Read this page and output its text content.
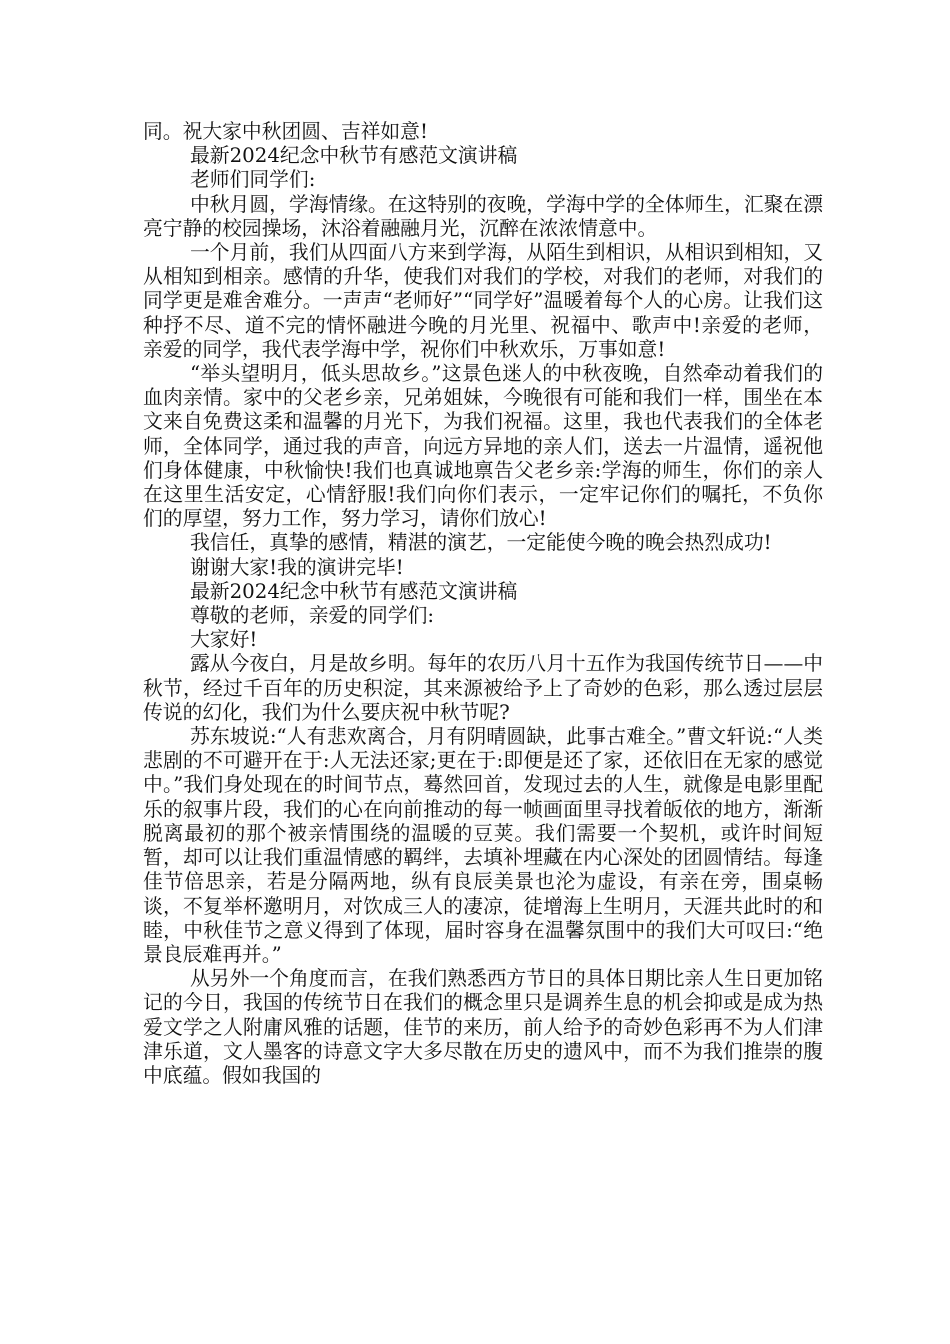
同。祝大家中秋团圆、吉祥如意!

最新2024纪念中秋节有感范文演讲稿

老师们同学们:

中秋月圆，学海情缘。在这特别的夜晚，学海中学的全体师生，汇聚在漂亮宁静的校园操场，沐浴着融融月光，沉醉在浓浓情意中。

一个月前，我们从四面八方来到学海，从陌生到相识，从相识到相知，又从相知到相亲。感情的升华，使我们对我们的学校，对我们的老师，对我们的同学更是难舍难分。一声声“老师好”“同学好”温暖着每个人的心房。让我们这种抒不尽、道不完的情怀融进今晚的月光里、祝福中、歌声中!亲爱的老师，亲爱的同学，我代表学海中学，祝你们中秋欢乐，万事如意!

“举头望明月，低头思故乡。”这景色迷人的中秋夜晚，自然牵动着我们的血肉亲情。家中的父老乡亲，兄弟姐妹，今晚很有可能和我们一样，围坐在本文来自免费这柔和温馨的月光下，为我们祝福。这里，我也代表我们的全体老师，全体同学，通过我的声音，向远方异地的亲人们，送去一片温情，遥祝他们身体健康，中秋愉快!我们也真诚地禀告父老乡亲:学海的师生，你们的亲人在这里生活安定，心情舒服!我们向你们表示，一定牢记你们的嘱托，不负你们的厚望，努力工作，努力学习，请你们放心!

我信任，真挚的感情，精湛的演艺，一定能使今晚的晚会热烈成功!

谢谢大家!我的演讲完毕!

最新2024纪念中秋节有感范文演讲稿

尊敬的老师，亲爱的同学们:

大家好!

露从今夜白，月是故乡明。每年的农历八月十五作为我国传统节日——中秋节，经过千百年的历史积淀，其来源被给予上了奇妙的色彩，那么透过层层传说的幻化，我们为什么要庆祝中秋节呢?

苏东坡说:“人有悲欢离合，月有阴晴圆缺，此事古难全。”曹文轩说:“人类悲剧的不可避开在于:人无法还家;更在于:即便是还了家，还依旧在无家的感觉中。”我们身处现在的时间节点，蓦然回首，发现过去的人生，就像是电影里配乐的叙事片段，我们的心在向前推动的每一帧画面里寻找着皈依的地方，渐渐脱离最初的那个被亲情围绕的温暖的豆荚。我们需要一个契机，或许时间短暂，却可以让我们重温情感的羁绊，去填补埋藏在内心深处的团圆情结。每逢佳节倍思亲，若是分隔两地，纵有良辰美景也沦为虚设，有亲在旁，围桌畅谈，不复举杯邀明月，对饮成三人的凄凉，徒增海上生明月，天涯共此时的和睦，中秋佳节之意义得到了体现，届时容身在温馨氛围中的我们大可叹曰:“绝景良辰难再并。”

从另外一个角度而言，在我们熟悉西方节日的具体日期比亲人生日更加铭记的今日，我国的传统节日在我们的概念里只是调养生息的机会抑或是成为热爱文学之人附庸风雅的话题，佳节的来历，前人给予的奇妙色彩再不为人们津津乐道，文人墨客的诗意文字大多尽散在历史的遗风中，而不为我们推崇的腹中底蕴。假如我国的
